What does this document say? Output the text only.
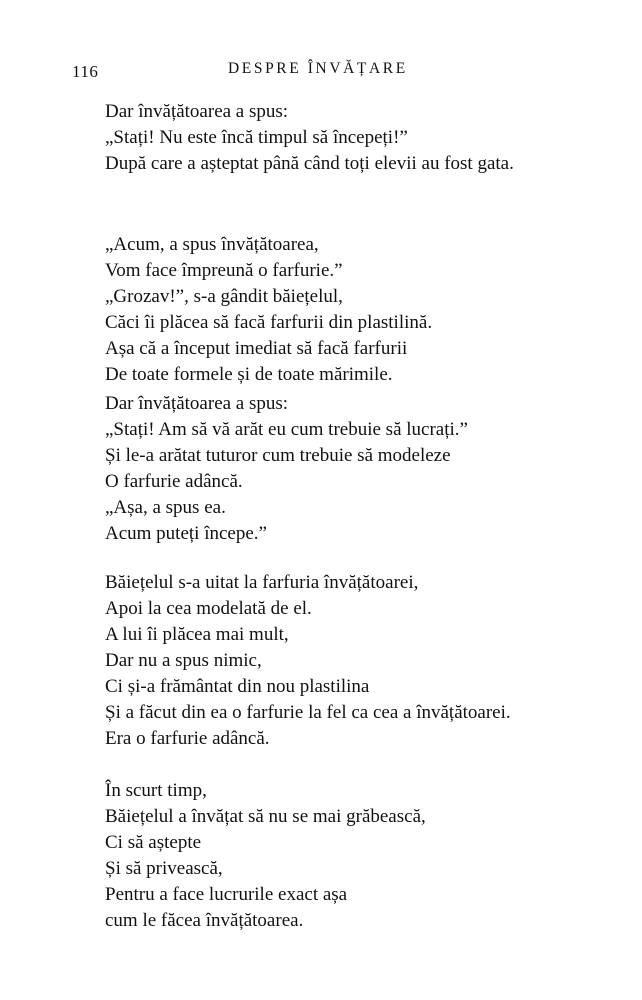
116	DESPRE ÎNVĂȚARE
Dar învățătoarea a spus:
„Stați! Nu este încă timpul să începeți!”
După care a așteptat până când toți elevii au fost gata.
„Acum, a spus învățătoarea,
Vom face împreună o farfurie.”
„Grozav!”, s-a gândit băiețelul,
Căci îi plăcea să facă farfurii din plastilină.
Așa că a început imediat să facă farfurii
De toate formele și de toate mărimile.
Dar învățătoarea a spus:
„Stați! Am să vă arăt eu cum trebuie să lucrați.”
Și le-a arătat tuturor cum trebuie să modeleze
O farfurie adâncă.
„Așa, a spus ea.
Acum puteți începe.”
Băiețelul s-a uitat la farfuria învățătoarei,
Apoi la cea modelată de el.
A lui îi plăcea mai mult,
Dar nu a spus nimic,
Ci și-a frământat din nou plastilina
Și a făcut din ea o farfurie la fel ca cea a învățătoarei.
Era o farfurie adâncă.
În scurt timp,
Băiețelul a învățat să nu se mai grăbească,
Ci să aștepte
Și să privească,
Pentru a face lucrurile exact așa
cum le făcea învățătoarea.
